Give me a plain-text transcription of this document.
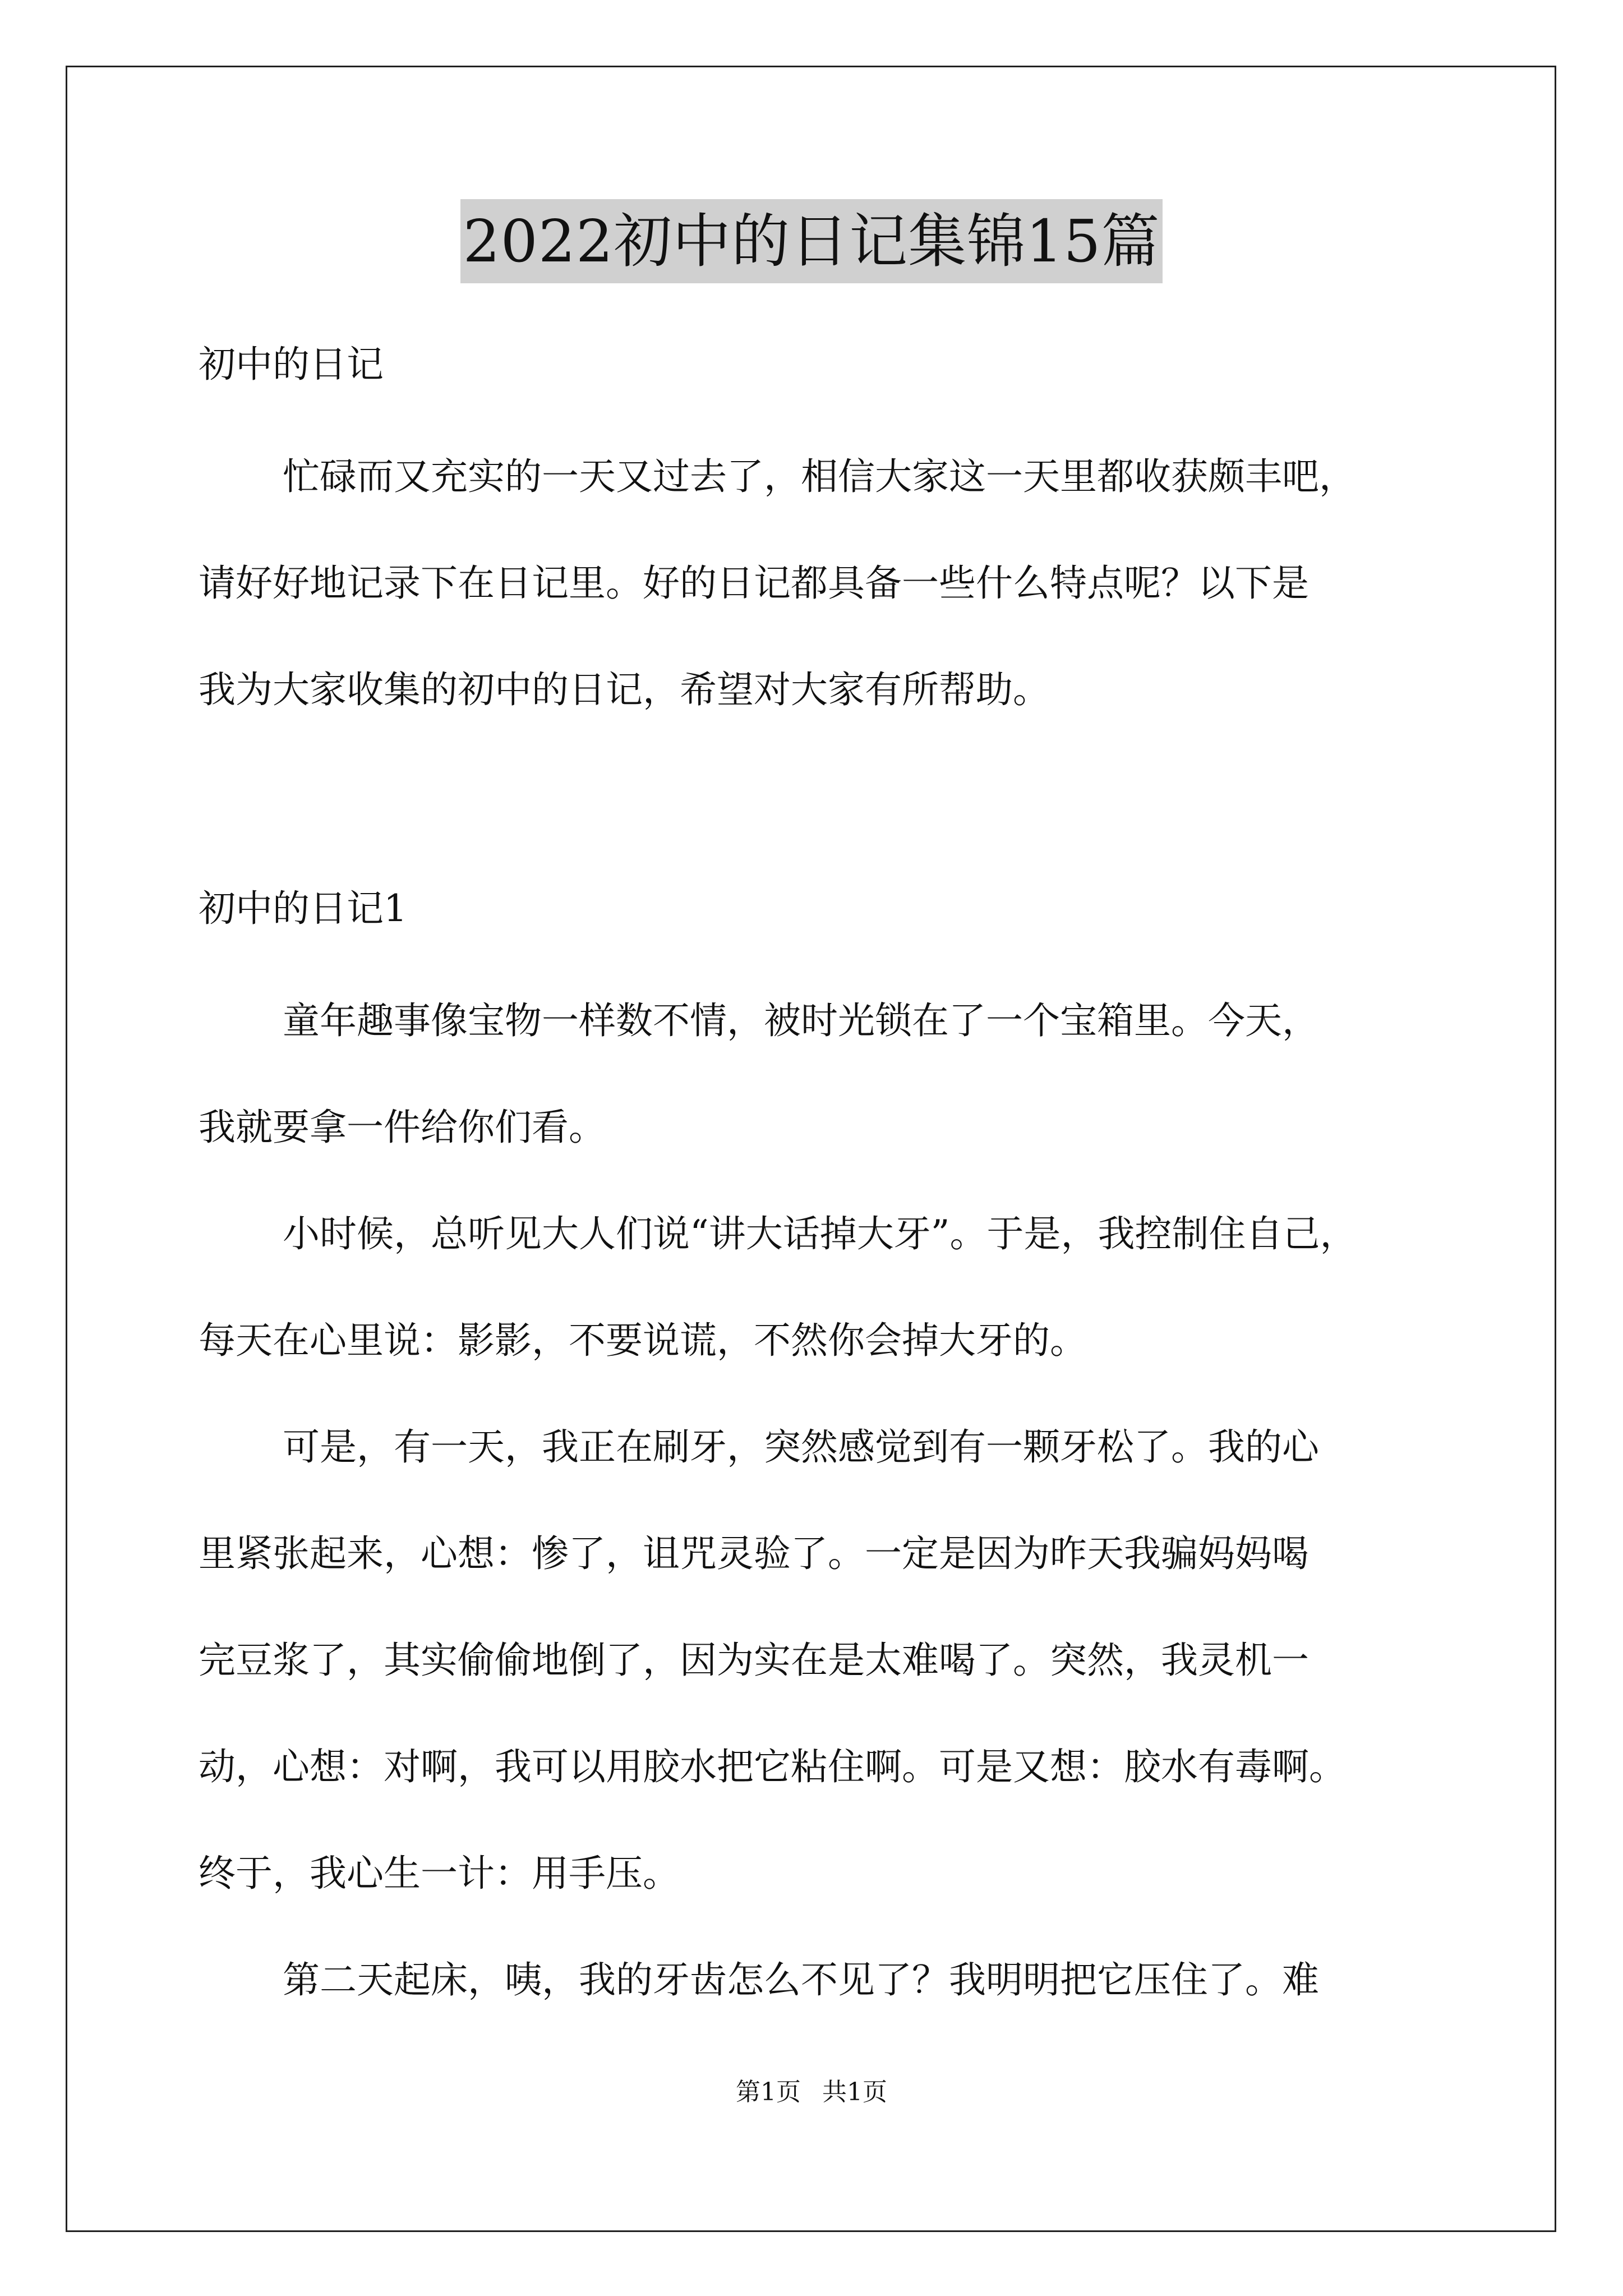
2022初中的日记集锦15篇

初中的日记

忙碌而又充实的一天又过去了，相信大家这一天里都收获颇丰吧，

请好好地记录下在日记里。好的日记都具备一些什么特点呢？以下是

我为大家收集的初中的日记，希望对大家有所帮助。

初中的日记1

童年趣事像宝物一样数不情，被时光锁在了一个宝箱里。今天，

我就要拿一件给你们看。

小时候，总听见大人们说“讲大话掉大牙”。于是，我控制住自己，

每天在心里说：影影，不要说谎，不然你会掉大牙的。

可是，有一天，我正在刷牙，突然感觉到有一颗牙松了。我的心

里紧张起来，心想：惨了，诅咒灵验了。一定是因为昨天我骗妈妈喝

完豆浆了，其实偷偷地倒了，因为实在是太难喝了。突然，我灵机一

动，心想：对啊，我可以用胶水把它粘住啊。可是又想：胶水有毒啊。

终于，我心生一计：用手压。

第二天起床，咦，我的牙齿怎么不见了？我明明把它压住了。难

第1页 共1页
